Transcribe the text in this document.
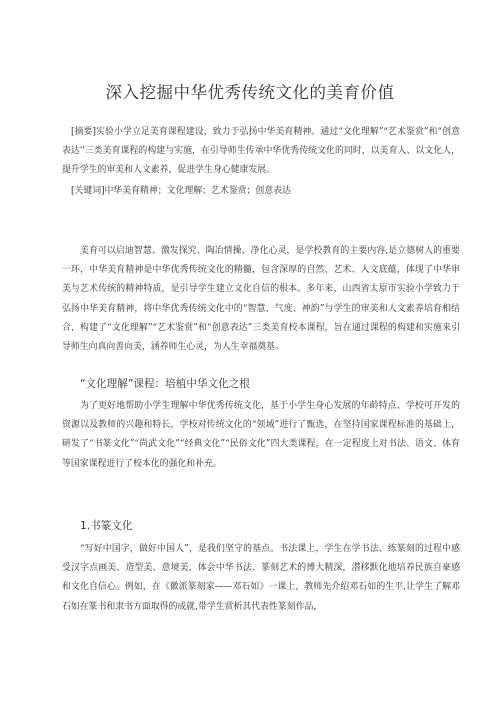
深入挖掘中华优秀传统文化的美育价值
[摘要]实验小学立足美育课程建设，致力于弘扬中华美育精神。通过“文化理解”“艺术鉴赏”和“创意表达''三类美育课程的构建与实施，在引导师生传承中华优秀传统文化的同时，以美育人、以文化人，提升学生的审美和人文素养，促进学生身心健康发展。
[关键词]中华美育精神；文化理解；艺术鉴赏；创意表达
美育可以启迪智慧、激发探究、陶冶情操、净化心灵，是学校教育的主要内容,是立德树人的重要一环，中华美育精神是中华优秀传统文化的精髓，包含深厚的自然、艺术、人文底蕴，体现了中华审美与艺术传统的精神特质，是引导学生建立文化自信的根本。多年来，山西省太原市实验小学致力于弘扬中华美育精神，将中华优秀传统文化中的“智慧、气度、神韵”与学生的审美和人文素养培育相结合，构建了“文化理解”“艺术鉴赏”和“创意表达”三类美育校本课程，旨在通过课程的构建和实施来引导师生向真向善向美，涵养师生心灵，为人生幸福奠基。
“文化理解”课程：培植中华文化之根
为了更好地帮助小学生理解中华优秀传统文化，基于小学生身心发展的年龄特点、学校可开发的资源以及教师的兴趣和特长，学校对传统文化的“领域”进行了甄选，在坚持国家课程标准的基础上，研发了“书篆文化”“尚武文化”“经典文化”“民俗文化”四大类课程，在一定程度上对书法、语文、体育等国家课程进行了校本化的强化和补充。
1.书篆文化
“写好中国字，做好中国人”，是我们坚守的基点。书法课上，学生在学书法、练篆刻的过程中感受汉字点画美、造型美、意境美，体会中华书法、篆刻艺术的博大精深，潜移默化地培养民族自豪感和文化自信心。例如，在《徽派篆刻家——邓石如》一课上，教师先介绍邓石如的生平,让学生了解邓石如在篆书和隶书方面取得的成就,带学生赏析其代表性篆刻作品，
